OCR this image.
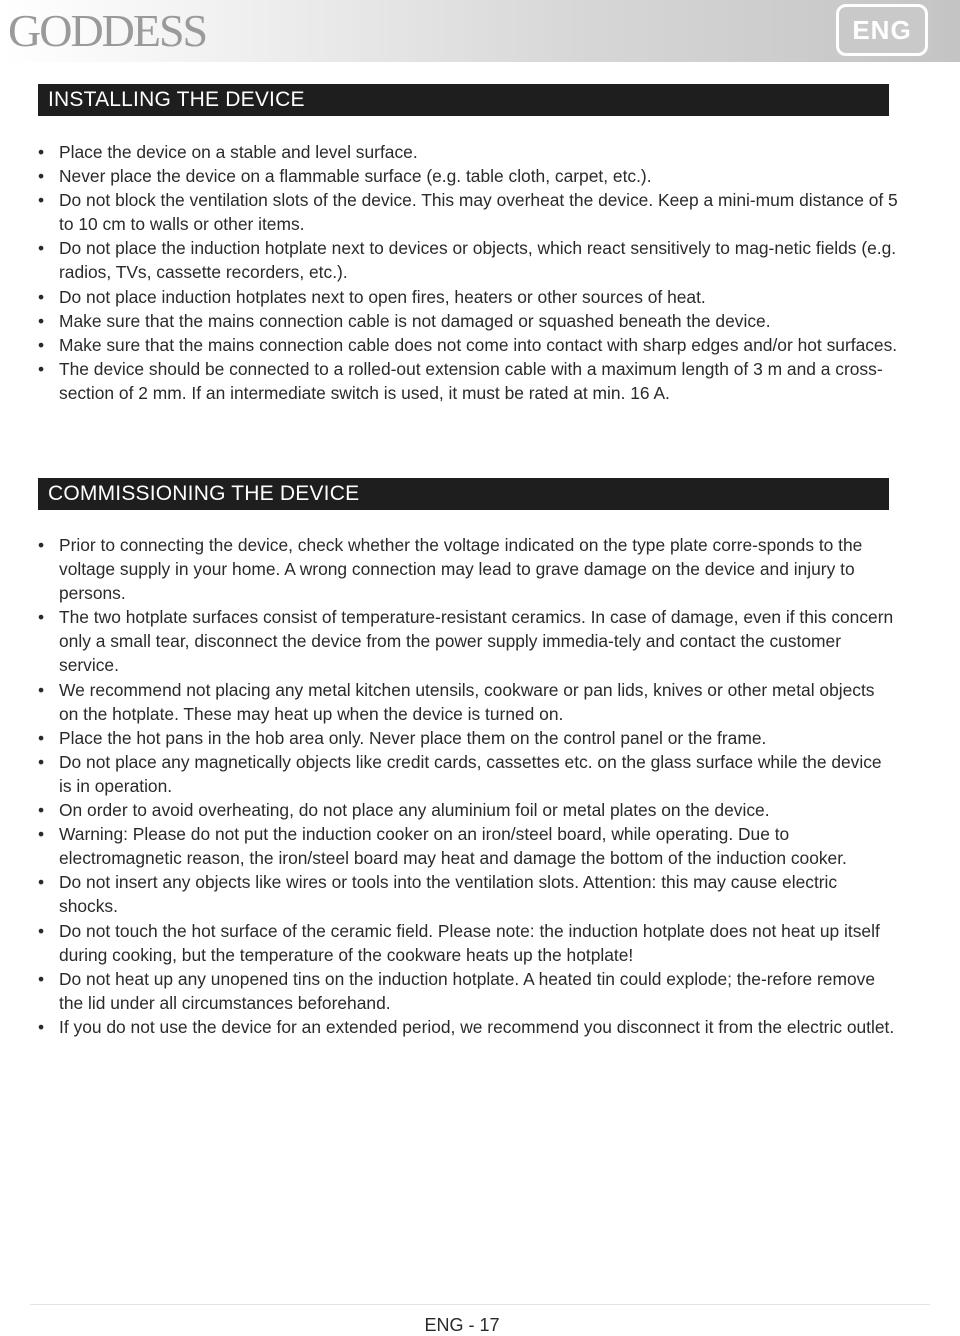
GODDESS	ENG
INSTALLING THE DEVICE
• Place the device on a stable and level surface.
• Never place the device on a flammable surface (e.g. table cloth, carpet, etc.).
• Do not block the ventilation slots of the device. This may overheat the device. Keep a mini-mum distance of 5 to 10 cm to walls or other items.
• Do not place the induction hotplate next to devices or objects, which react sensitively to mag-netic fields (e.g. radios, TVs, cassette recorders, etc.).
• Do not place induction hotplates next to open fires, heaters or other sources of heat.
• Make sure that the mains connection cable is not damaged or squashed beneath the device.
• Make sure that the mains connection cable does not come into contact with sharp edges and/or hot surfaces.
• The device should be connected to a rolled-out extension cable with a maximum length of 3 m and a cross-section of 2 mm. If an intermediate switch is used, it must be rated at min. 16 A.
COMMISSIONING THE DEVICE
• Prior to connecting the device, check whether the voltage indicated on the type plate corre-sponds to the voltage supply in your home. A wrong connection may lead to grave damage on the device and injury to persons.
• The two hotplate surfaces consist of temperature-resistant ceramics. In case of damage, even if this concern only a small tear, disconnect the device from the power supply immedia-tely and contact the customer service.
• We recommend not placing any metal kitchen utensils, cookware or pan lids, knives or other metal objects on the hotplate. These may heat up when the device is turned on.
• Place the hot pans in the hob area only. Never place them on the control panel or the frame.
• Do not place any magnetically objects like credit cards, cassettes etc. on the glass surface while the device is in operation.
• On order to avoid overheating, do not place any aluminium foil or metal plates on the device.
• Warning: Please do not put the induction cooker on an iron/steel board, while operating. Due to electromagnetic reason, the iron/steel board may heat and damage the bottom of the induction cooker.
• Do not insert any objects like wires or tools into the ventilation slots. Attention: this may cause electric shocks.
• Do not touch the hot surface of the ceramic field. Please note: the induction hotplate does not heat up itself during cooking, but the temperature of the cookware heats up the hotplate!
• Do not heat up any unopened tins on the induction hotplate. A heated tin could explode; the-refore remove the lid under all circumstances beforehand.
• If you do not use the device for an extended period, we recommend you disconnect it from the electric outlet.
ENG - 17
